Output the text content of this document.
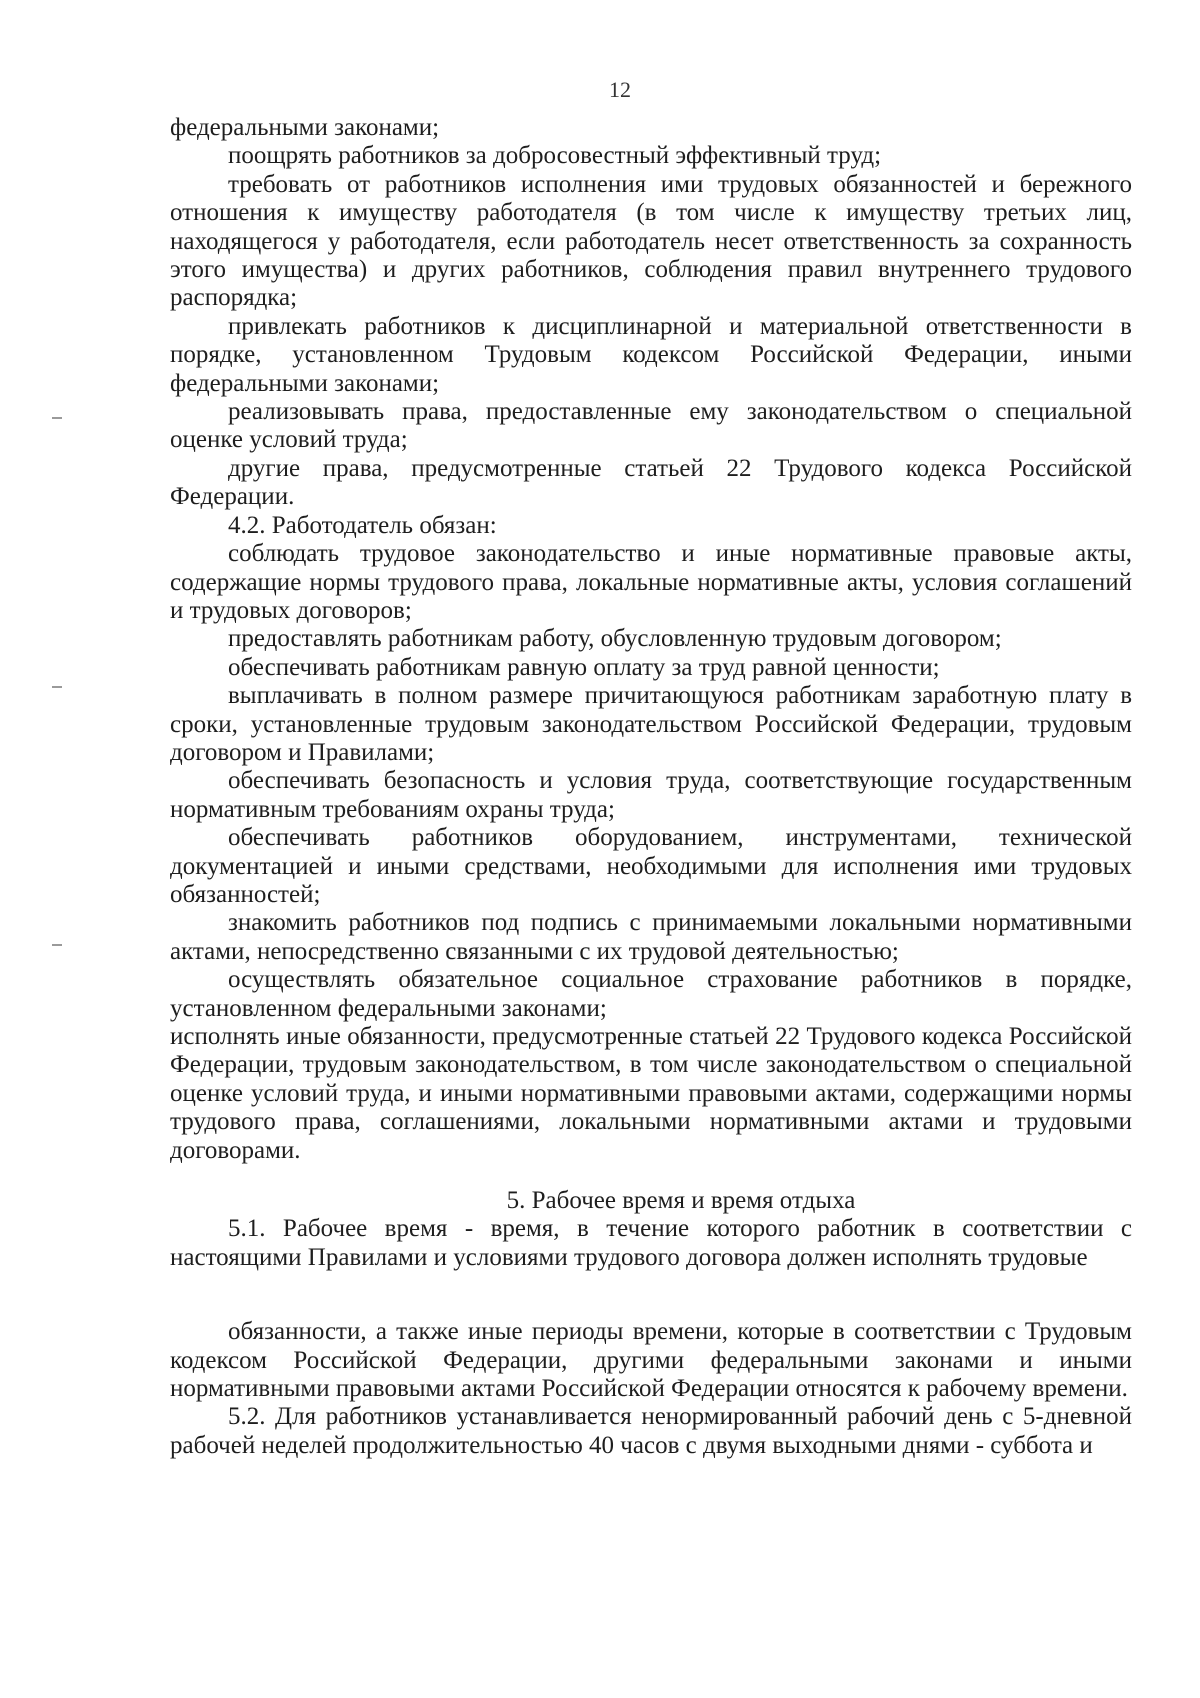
12

федеральными законами;

поощрять работников за добросовестный эффективный труд;

требовать от работников исполнения ими трудовых обязанностей и бережного отношения к имуществу работодателя (в том числе к имуществу третьих лиц, находящегося у работодателя, если работодатель несет ответственность за сохранность этого имущества) и других работников, соблюдения правил внутреннего трудового распорядка;

привлекать работников к дисциплинарной и материальной ответственности в порядке, установленном Трудовым кодексом Российской Федерации, иными федеральными законами;

реализовывать права, предоставленные ему законодательством о специальной оценке условий труда;

другие права, предусмотренные статьей 22 Трудового кодекса Российской Федерации.

4.2. Работодатель обязан:

соблюдать трудовое законодательство и иные нормативные правовые акты, содержащие нормы трудового права, локальные нормативные акты, условия соглашений и трудовых договоров;

предоставлять работникам работу, обусловленную трудовым договором;

обеспечивать работникам равную оплату за труд равной ценности;

выплачивать в полном размере причитающуюся работникам заработную плату в сроки, установленные трудовым законодательством Российской Федерации, трудовым договором и Правилами;

обеспечивать безопасность и условия труда, соответствующие государственным нормативным требованиям охраны труда;

обеспечивать работников оборудованием, инструментами, технической документацией и иными средствами, необходимыми для исполнения ими трудовых обязанностей;

знакомить работников под подпись с принимаемыми локальными нормативными актами, непосредственно связанными с их трудовой деятельностью;

осуществлять обязательное социальное страхование работников в порядке, установленном федеральными законами;

исполнять иные обязанности, предусмотренные статьей 22 Трудового кодекса Российской Федерации, трудовым законодательством, в том числе законодательством о специальной оценке условий труда, и иными нормативными правовыми актами, содержащими нормы трудового права, соглашениями, локальными нормативными актами и трудовыми договорами.

5. Рабочее время и время отдыха

5.1. Рабочее время - время, в течение которого работник в соответствии с настоящими Правилами и условиями трудового договора должен исполнять трудовые

обязанности, а также иные периоды времени, которые в соответствии с Трудовым кодексом Российской Федерации, другими федеральными законами и иными нормативными правовыми актами Российской Федерации относятся к рабочему времени.

5.2. Для работников устанавливается ненормированный рабочий день с 5-дневной рабочей неделей продолжительностью 40 часов с двумя выходными днями - суббота и
